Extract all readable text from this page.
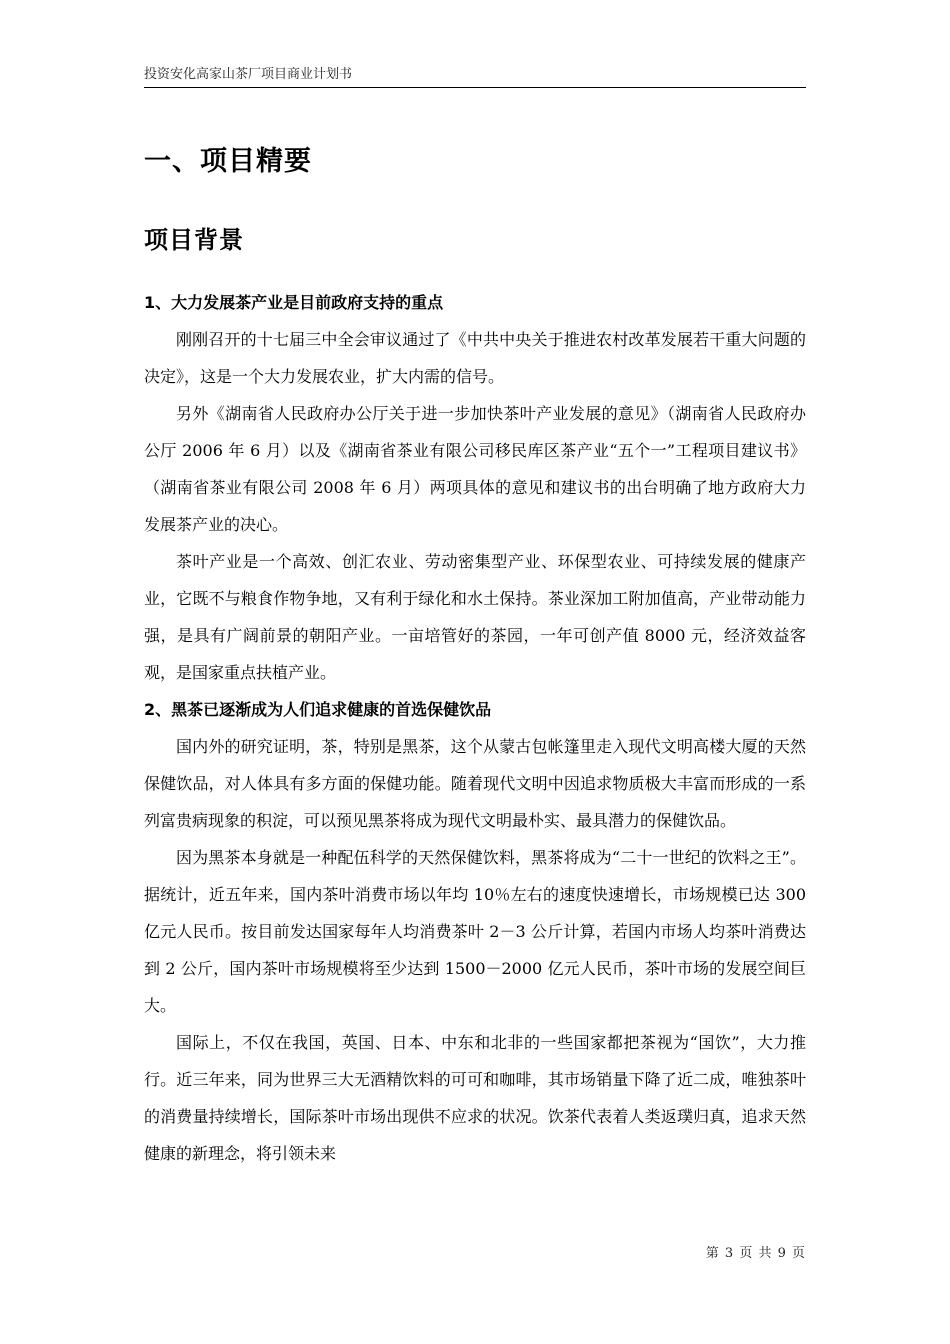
投资安化高家山茶厂项目商业计划书
一、项目精要
项目背景
1、大力发展茶产业是目前政府支持的重点

刚刚召开的十七届三中全会审议通过了《中共中央关于推进农村改革发展若干重大问题的决定》，这是一个大力发展农业，扩大内需的信号。

另外《湖南省人民政府办公厅关于进一步加快茶叶产业发展的意见》（湖南省人民政府办公厅 2006 年 6 月）以及《湖南省茶业有限公司移民库区茶产业“五个一”工程项目建议书》（湖南省茶业有限公司 2008 年 6 月）两项具体的意见和建议书的出台明确了地方政府大力发展茶产业的决心。

茶叶产业是一个高效、创汇农业、劳动密集型产业、环保型农业、可持续发展的健康产业，它既不与粮食作物争地，又有利于绿化和水土保持。茶业深加工附加值高，产业带动能力强，是具有广阔前景的朝阳产业。一亩培管好的茶园，一年可创产值 8000 元，经济效益客观，是国家重点扶植产业。

2、黑茶已逐渐成为人们追求健康的首选保健饮品

国内外的研究证明，茶，特别是黑茶，这个从蒙古包帐篷里走入现代文明高楼大厦的天然保健饮品，对人体具有多方面的保健功能。随着现代文明中因追求物质极大丰富而形成的一系列富贵病现象的积淀，可以预见黑茶将成为现代文明最朴实、最具潜力的保健饮品。

因为黑茶本身就是一种配伍科学的天然保健饮料，黑茶将成为“二十一世纪的饮料之王”。据统计，近五年来，国内茶叶消费市场以年均 10％左右的速度快速增长，市场规模已达 300 亿元人民币。按目前发达国家每年人均消费茶叶 2－3 公斤计算，若国内市场人均茶叶消费达到 2 公斤，国内茶叶市场规模将至少达到 1500－2000 亿元人民币，茶叶市场的发展空间巨大。

国际上，不仅在我国，英国、日本、中东和北非的一些国家都把茶视为“国饮”，大力推行。近三年来，同为世界三大无酒精饮料的可可和咖啡，其市场销量下降了近二成，唯独茶叶的消费量持续增长，国际茶叶市场出现供不应求的状况。饮茶代表着人类返璞归真，追求天然健康的新理念，将引领未来

第 3 页 共 9 页
